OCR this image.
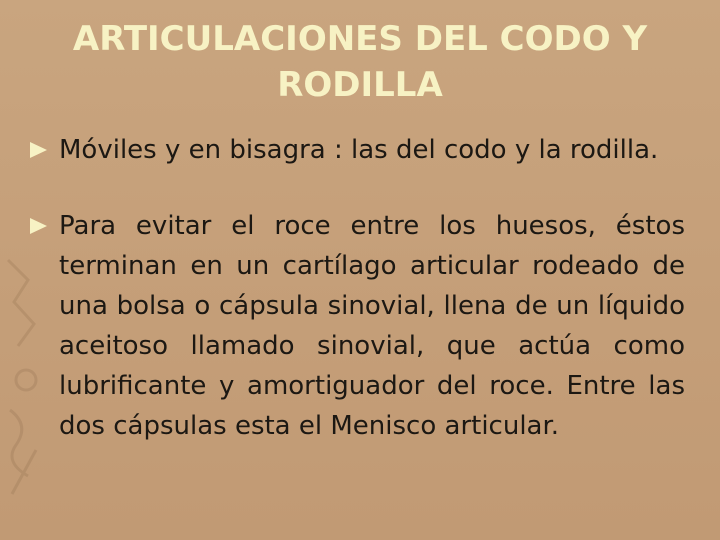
ARTICULACIONES DEL CODO Y RODILLA
Móviles y en bisagra : las del codo y la rodilla.
Para evitar el roce entre los huesos, éstos terminan en un cartílago articular rodeado de una bolsa o cápsula sinovial, llena de un líquido aceitoso llamado sinovial, que actúa como lubrificante y amortiguador del roce. Entre las dos cápsulas esta el Menisco articular.
